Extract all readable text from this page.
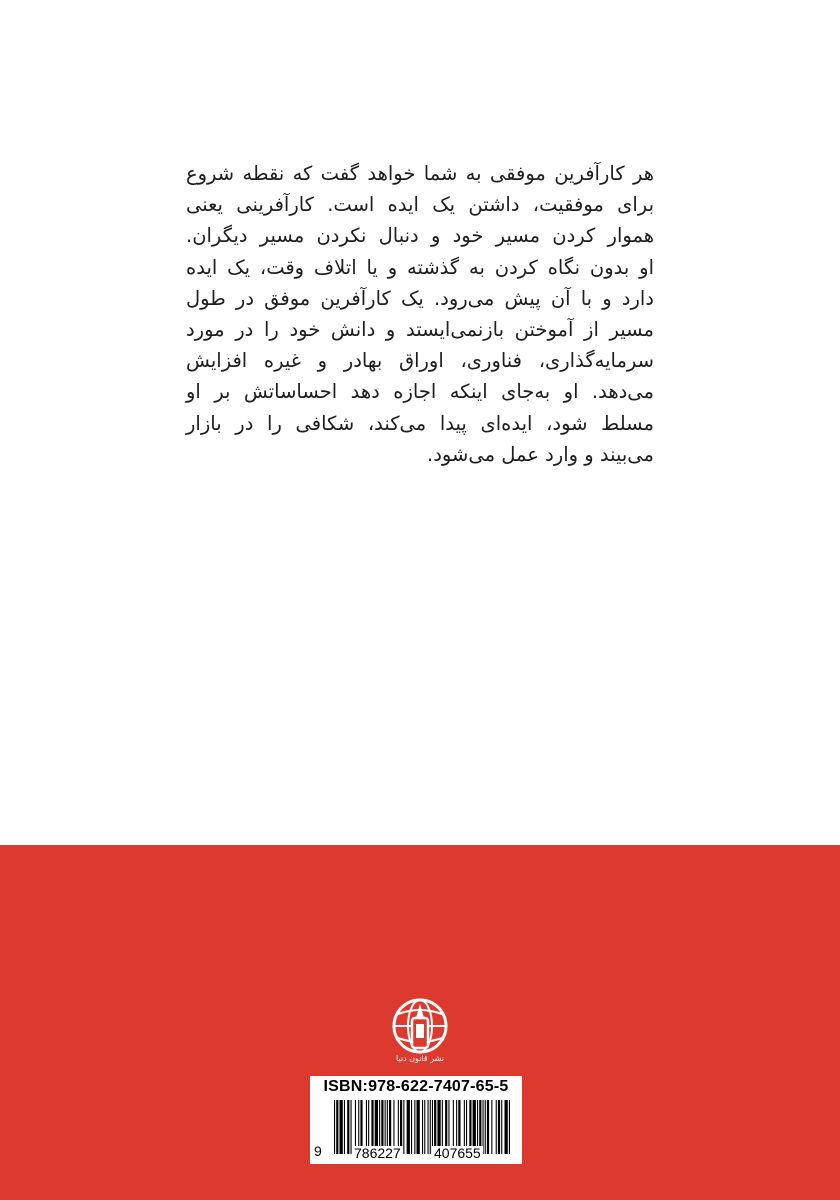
هر کارآفرین موفقی به شما خواهد گفت که نقطه شروع
برای موفقیت، داشتن یک ایده است. کارآفرینی یعنی
هموار کردن مسیر خود و دنبال نکردن مسیر دیگران.
او بدون نگاه کردن به گذشته و یا اتلاف وقت، یک ایده
دارد و با آن پیش می‌رود. یک کارآفرین موفق در طول
مسیر از آموختن بازنمی‌ایستد و دانش خود را در مورد
سرمایه‌گذاری، فناوری، اوراق بهادر و غیره افزایش
می‌دهد. او به‌جای اینکه اجازه دهد احساساتش بر او
مسلط شود، ایده‌ای پیدا می‌کند، شکافی را در بازار
می‌بیند و وارد عمل می‌شود.
نشر قانون دنیا
ISBN:978-622-7407-65-5
9 786227 407655
